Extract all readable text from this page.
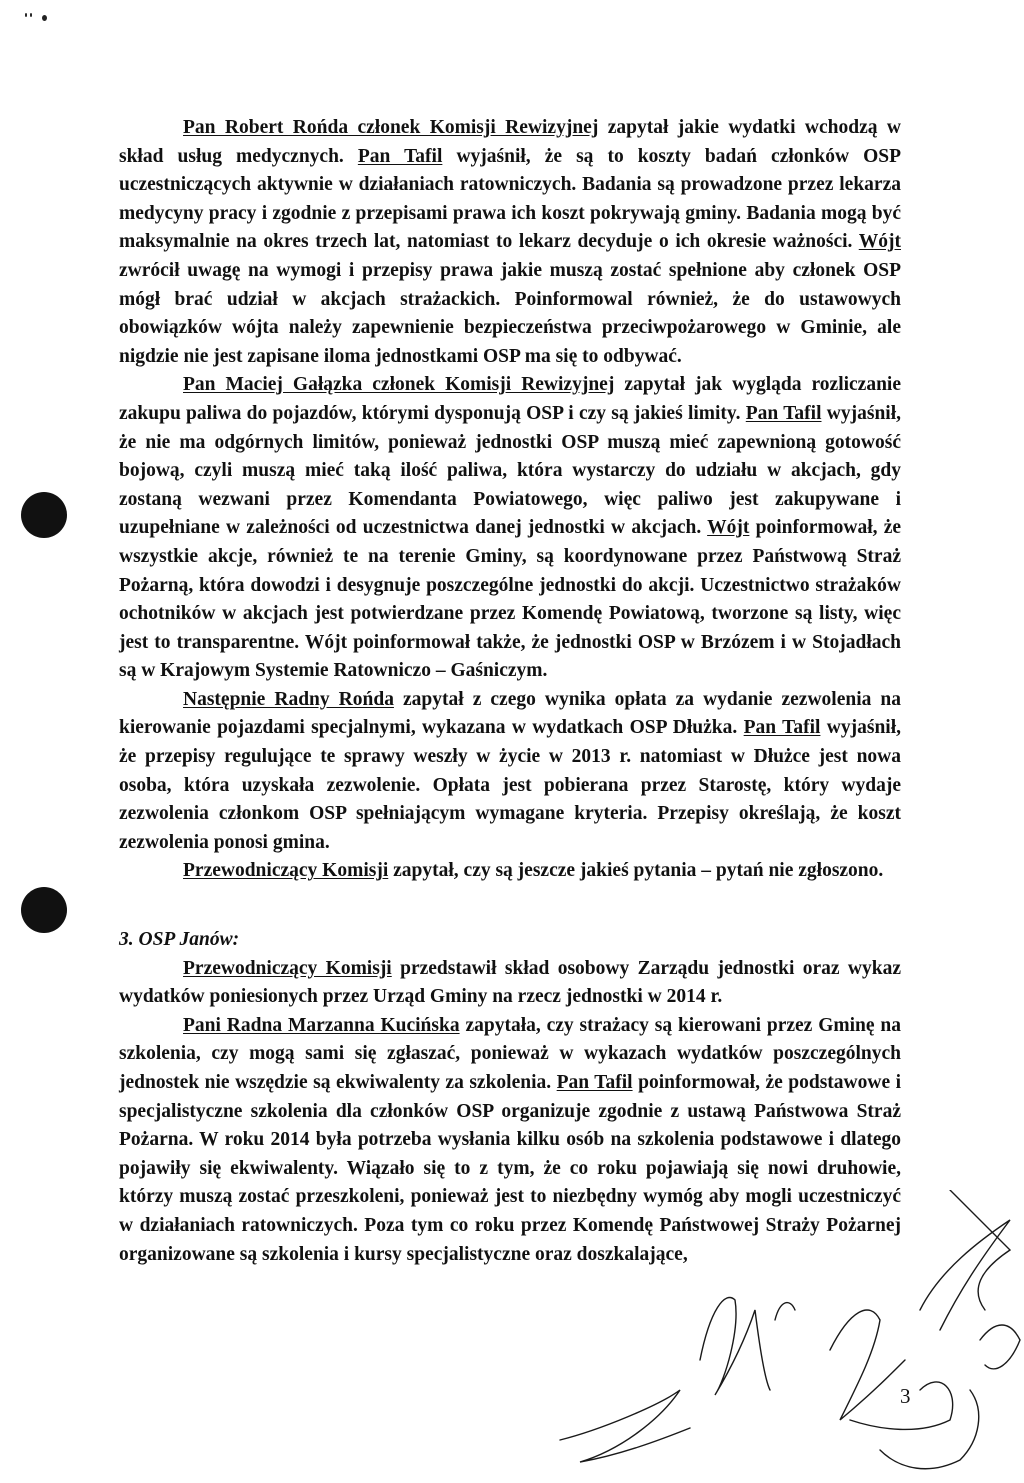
Pan Robert Rońda członek Komisji Rewizyjnej zapytał jakie wydatki wchodzą w skład usług medycznych. Pan Tafil wyjaśnił, że są to koszty badań członków OSP uczestniczących aktywnie w działaniach ratowniczych. Badania są prowadzone przez lekarza medycyny pracy i zgodnie z przepisami prawa ich koszt pokrywają gminy. Badania mogą być maksymalnie na okres trzech lat, natomiast to lekarz decyduje o ich okresie ważności. Wójt zwrócił uwagę na wymogi i przepisy prawa jakie muszą zostać spełnione aby członek OSP mógł brać udział w akcjach strażackich. Poinformowal również, że do ustawowych obowiązków wójta należy zapewnienie bezpieczeństwa przeciwpożarowego w Gminie, ale nigdzie nie jest zapisane iloma jednostkami OSP ma się to odbywać.

Pan Maciej Gałązka członek Komisji Rewizyjnej zapytał jak wygląda rozliczanie zakupu paliwa do pojazdów, którymi dysponują OSP i czy są jakieś limity. Pan Tafil wyjaśnił, że nie ma odgórnych limitów, ponieważ jednostki OSP muszą mieć zapewnioną gotowość bojową, czyli muszą mieć taką ilość paliwa, która wystarczy do udziału w akcjach, gdy zostaną wezwani przez Komendanta Powiatowego, więc paliwo jest zakupywane i uzupełniane w zależności od uczestnictwa danej jednostki w akcjach. Wójt poinformował, że wszystkie akcje, również te na terenie Gminy, są koordynowane przez Państwową Straż Pożarną, która dowodzi i desygnuje poszczególne jednostki do akcji. Uczestnictwo strażaków ochotników w akcjach jest potwierdzane przez Komendę Powiatową, tworzone są listy, więc jest to transparentne. Wójt poinformował także, że jednostki OSP w Brzózem i w Stojadłach są w Krajowym Systemie Ratowniczo – Gaśniczym.

Następnie Radny Rońda zapytał z czego wynika opłata za wydanie zezwolenia na kierowanie pojazdami specjalnymi, wykazana w wydatkach OSP Dłużka. Pan Tafil wyjaśnił, że przepisy regulujące te sprawy weszły w życie w 2013 r. natomiast w Dłużce jest nowa osoba, która uzyskała zezwolenie. Opłata jest pobierana przez Starostę, który wydaje zezwolenia członkom OSP spełniającym wymagane kryteria. Przepisy określają, że koszt zezwolenia ponosi gmina.

Przewodniczący Komisji zapytał, czy są jeszcze jakieś pytania – pytań nie zgłoszono.

3. OSP Janów:

Przewodniczący Komisji przedstawił skład osobowy Zarządu jednostki oraz wykaz wydatków poniesionych przez Urząd Gminy na rzecz jednostki w 2014 r.

Pani Radna Marzanna Kucińska zapytała, czy strażacy są kierowani przez Gminę na szkolenia, czy mogą sami się zgłaszać, ponieważ w wykazach wydatków poszczególnych jednostek nie wszędzie są ekwiwalenty za szkolenia. Pan Tafil poinformował, że podstawowe i specjalistyczne szkolenia dla członków OSP organizuje zgodnie z ustawą Państwowa Straż Pożarna. W roku 2014 była potrzeba wysłania kilku osób na szkolenia podstawowe i dlatego pojawiły się ekwiwalenty. Wiązało się to z tym, że co roku pojawiają się nowi druhowie, którzy muszą zostać przeszkoleni, ponieważ jest to niezbędny wymóg aby mogli uczestniczyć w działaniach ratowniczych. Poza tym co roku przez Komendę Państwowej Straży Pożarnej organizowane są szkolenia i kursy specjalistyczne oraz doszkalające,

3
